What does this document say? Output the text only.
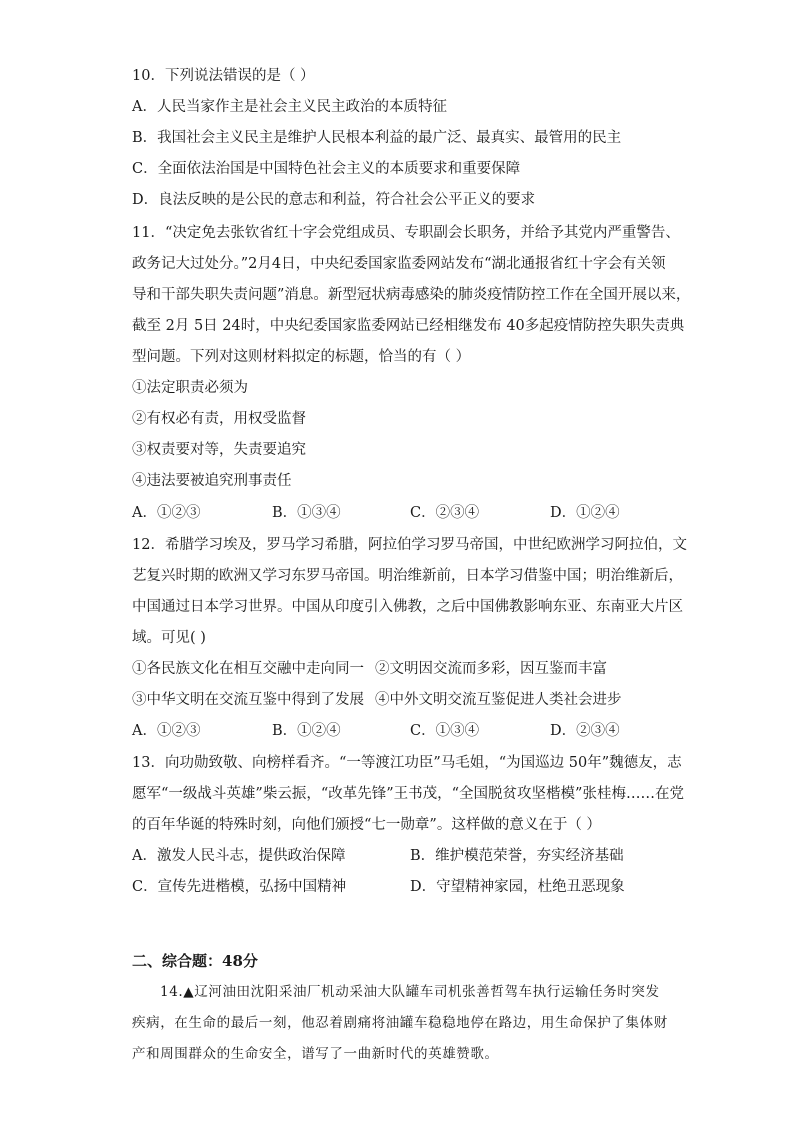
10．下列说法错误的是（ ）
A．人民当家作主是社会主义民主政治的本质特征
B．我国社会主义民主是维护人民根本利益的最广泛、最真实、最管用的民主
C．全面依法治国是中国特色社会主义的本质要求和重要保障
D．良法反映的是公民的意志和利益，符合社会公平正义的要求
11．“决定免去张钦省红十字会党组成员、专职副会长职务，并给予其党内严重警告、
政务记大过处分。”2月4日，中央纪委国家监委网站发布“湖北通报省红十字会有关领
导和干部失职失责问题”消息。新型冠状病毒感染的肺炎疫情防控工作在全国开展以来，
截至 2月 5日 24时，中央纪委国家监委网站已经相继发布 40多起疫情防控失职失责典
型问题。下列对这则材料拟定的标题，恰当的有（ ）
①法定职责必须为
②有权必有责，用权受监督
③权责要对等，失责要追究
④违法要被追究刑事责任
A．①②③	B．①③④	C．②③④	D．①②④
12．希腊学习埃及，罗马学习希腊，阿拉伯学习罗马帝国，中世纪欧洲学习阿拉伯，文
艺复兴时期的欧洲又学习东罗马帝国。明治维新前，日本学习借鉴中国；明治维新后，
中国通过日本学习世界。中国从印度引入佛教，之后中国佛教影响东亚、东南亚大片区
域。可见( )
①各民族文化在相互交融中走向同一 ②文明因交流而多彩，因互鉴而丰富
③中华文明在交流互鉴中得到了发展 ④中外文明交流互鉴促进人类社会进步
A．①②③	B．①②④	C．①③④	D．②③④
13．向功勋致敬、向榜样看齐。“一等渡江功臣”马毛姐，“为国巡边 50年”魏德友，志
愿军“一级战斗英雄”柴云振，“改革先锋”王书茂，“全国脱贫攻坚楷模”张桂梅……在党
的百年华诞的特殊时刻，向他们颁授“七一勋章”。这样做的意义在于（ ）
A．激发人民斗志，提供政治保障	B．维护模范荣誉，夯实经济基础
C．宣传先进楷模，弘扬中国精神	D．守望精神家园，杜绝丑恶现象
二、综合题：48分
14.▲辽河油田沈阳采油厂机动采油大队罐车司机张善哲驾车执行运输任务时突发
疾病，在生命的最后一刻，他忍着剧痛将油罐车稳稳地停在路边，用生命保护了集体财
产和周围群众的生命安全，谱写了一曲新时代的英雄赞歌。
